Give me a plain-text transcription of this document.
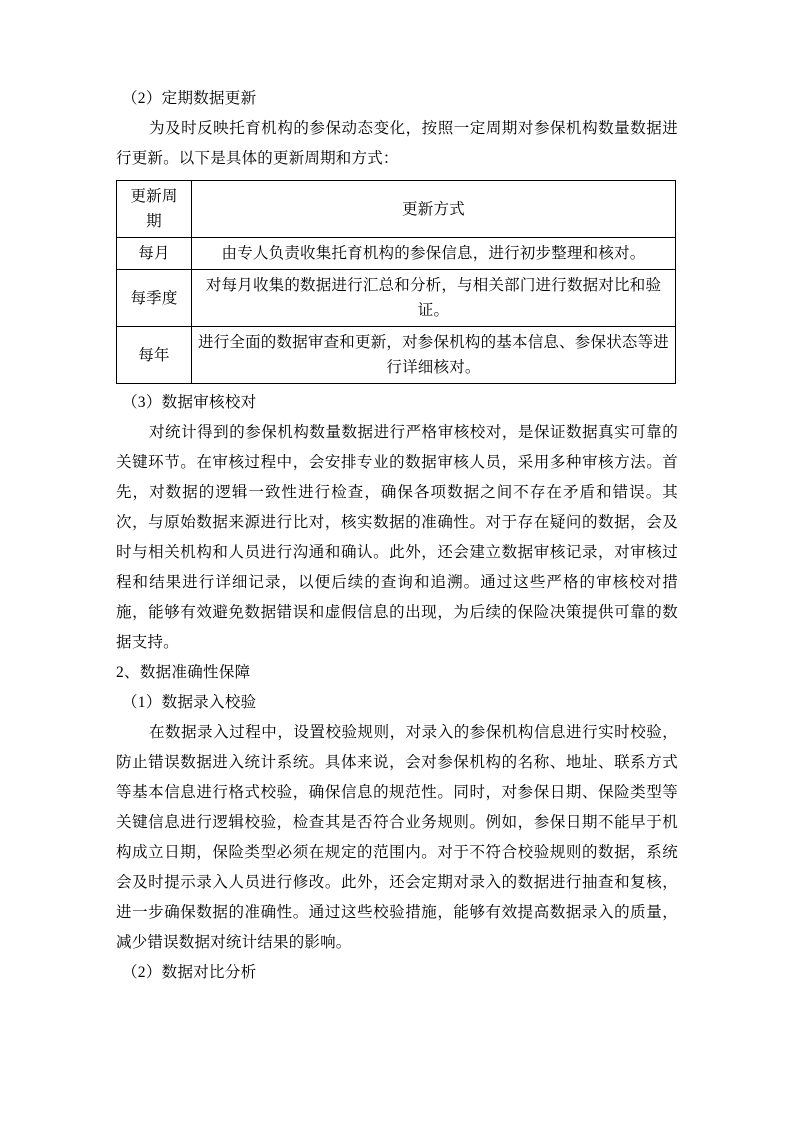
（2）定期数据更新

为及时反映托育机构的参保动态变化，按照一定周期对参保机构数量数据进行更新。以下是具体的更新周期和方式：

更新周期	更新方式
每月	由专人负责收集托育机构的参保信息，进行初步整理和核对。
每季度	对每月收集的数据进行汇总和分析，与相关部门进行数据对比和验证。
每年	进行全面的数据审查和更新，对参保机构的基本信息、参保状态等进行详细核对。
（3）数据审核校对

对统计得到的参保机构数量数据进行严格审核校对，是保证数据真实可靠的关键环节。在审核过程中，会安排专业的数据审核人员，采用多种审核方法。首先，对数据的逻辑一致性进行检查，确保各项数据之间不存在矛盾和错误。其次，与原始数据来源进行比对，核实数据的准确性。对于存在疑问的数据，会及时与相关机构和人员进行沟通和确认。此外，还会建立数据审核记录，对审核过程和结果进行详细记录，以便后续的查询和追溯。通过这些严格的审核校对措施，能够有效避免数据错误和虚假信息的出现，为后续的保险决策提供可靠的数据支持。

2、数据准确性保障
（1）数据录入校验

在数据录入过程中，设置校验规则，对录入的参保机构信息进行实时校验，防止错误数据进入统计系统。具体来说，会对参保机构的名称、地址、联系方式等基本信息进行格式校验，确保信息的规范性。同时，对参保日期、保险类型等关键信息进行逻辑校验，检查其是否符合业务规则。例如，参保日期不能早于机构成立日期，保险类型必须在规定的范围内。对于不符合校验规则的数据，系统会及时提示录入人员进行修改。此外，还会定期对录入的数据进行抽查和复核，进一步确保数据的准确性。通过这些校验措施，能够有效提高数据录入的质量，减少错误数据对统计结果的影响。

（2）数据对比分析
